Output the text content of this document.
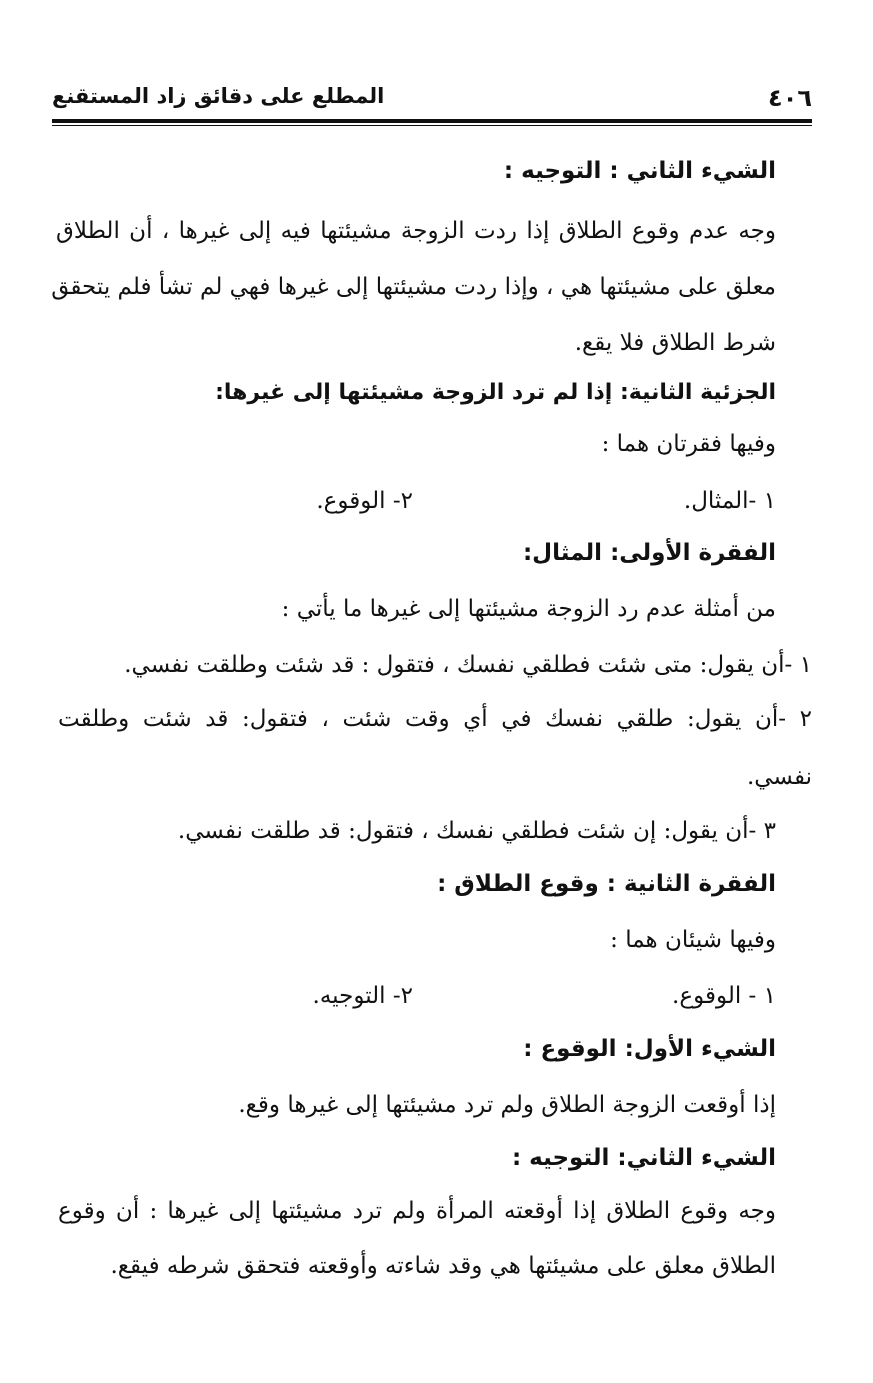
٤٠٦
المطلع على دقائق زاد المستقنع
الشيء الثاني : التوجيه :
وجه عدم وقوع الطلاق إذا ردت الزوجة مشيئتها فيه إلى غيرها ، أن الطلاق
معلق على مشيئتها هي ، وإذا ردت مشيئتها إلى غيرها فهي لم تشأ فلم يتحقق
شرط الطلاق فلا يقع.
الجزئية الثانية: إذا لم ترد الزوجة مشيئتها إلى غيرها:
وفيها فقرتان هما :
١ -المثال.
٢- الوقوع.
الفقرة الأولى: المثال:
من أمثلة عدم رد الزوجة مشيئتها إلى غيرها ما يأتي :
١ -أن يقول: متى شئت فطلقي نفسك ، فتقول : قد شئت وطلقت نفسي.
٢ -أن يقول: طلقي نفسك في أي وقت شئت ، فتقول: قد شئت وطلقت
نفسي.
٣ -أن يقول: إن شئت فطلقي نفسك ، فتقول: قد طلقت نفسي.
الفقرة الثانية : وقوع الطلاق :
وفيها شيئان هما :
١ - الوقوع.
٢- التوجيه.
الشيء الأول: الوقوع :
إذا أوقعت الزوجة الطلاق ولم ترد مشيئتها إلى غيرها وقع.
الشيء الثاني: التوجيه :
وجه وقوع الطلاق إذا أوقعته المرأة ولم ترد مشيئتها إلى غيرها : أن وقوع
الطلاق معلق على مشيئتها هي وقد شاءته وأوقعته فتحقق شرطه فيقع.
